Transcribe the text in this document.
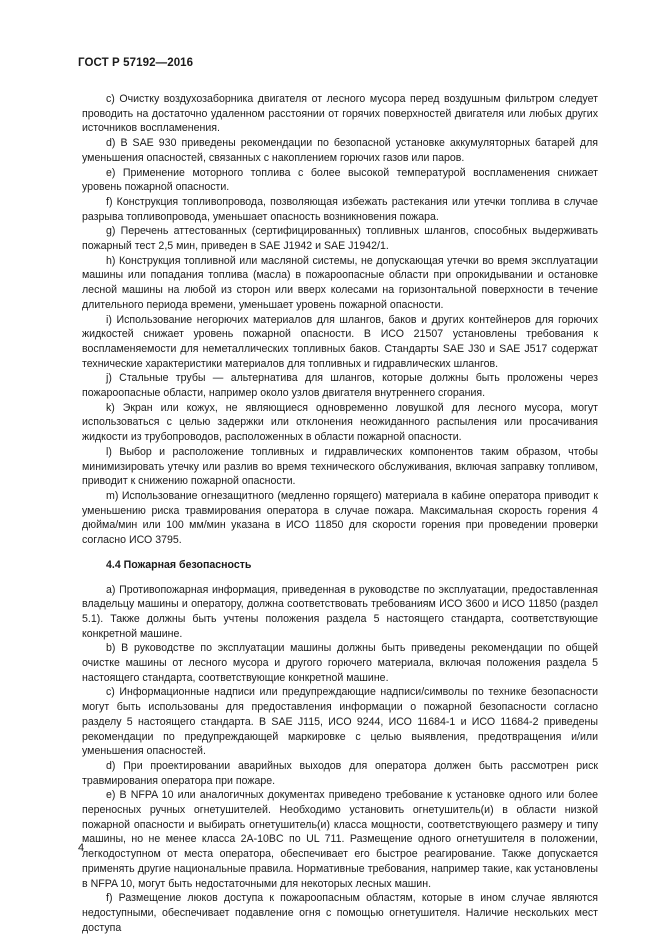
ГОСТ Р 57192—2016

c) Очистку воздухозаборника двигателя от лесного мусора перед воздушным фильтром следует проводить на достаточно удаленном расстоянии от горячих поверхностей двигателя или любых других источников воспламенения.

d) В SAE 930 приведены рекомендации по безопасной установке аккумуляторных батарей для уменьшения опасностей, связанных с накоплением горючих газов или паров.

e) Применение моторного топлива с более высокой температурой воспламенения снижает уровень пожарной опасности.

f) Конструкция топливопровода, позволяющая избежать растекания или утечки топлива в случае разрыва топливопровода, уменьшает опасность возникновения пожара.

g) Перечень аттестованных (сертифицированных) топливных шлангов, способных выдерживать пожарный тест 2,5 мин, приведен в SAE J1942 и SAE J1942/1.

h) Конструкция топливной или масляной системы, не допускающая утечки во время эксплуатации машины или попадания топлива (масла) в пожароопасные области при опрокидывании и остановке лесной машины на любой из сторон или вверх колесами на горизонтальной поверхности в течение длительного периода времени, уменьшает уровень пожарной опасности.

i) Использование негорючих материалов для шлангов, баков и других контейнеров для горючих жидкостей снижает уровень пожарной опасности. В ИСО 21507 установлены требования к воспламеняемости для неметаллических топливных баков. Стандарты SAE J30 и SAE J517 содержат технические характеристики материалов для топливных и гидравлических шлангов.

j) Стальные трубы — альтернатива для шлангов, которые должны быть проложены через пожароопасные области, например около узлов двигателя внутреннего сгорания.

k) Экран или кожух, не являющиеся одновременно ловушкой для лесного мусора, могут использоваться с целью задержки или отклонения неожиданного распыления или просачивания жидкости из трубопроводов, расположенных в области пожарной опасности.

l) Выбор и расположение топливных и гидравлических компонентов таким образом, чтобы минимизировать утечку или разлив во время технического обслуживания, включая заправку топливом, приводит к снижению пожарной опасности.

m) Использование огнезащитного (медленно горящего) материала в кабине оператора приводит к уменьшению риска травмирования оператора в случае пожара. Максимальная скорость горения 4 дюйма/мин или 100 мм/мин указана в ИСО 11850 для скорости горения при проведении проверки согласно ИСО 3795.

4.4 Пожарная безопасность

a) Противопожарная информация, приведенная в руководстве по эксплуатации, предоставленная владельцу машины и оператору, должна соответствовать требованиям ИСО 3600 и ИСО 11850 (раздел 5.1). Также должны быть учтены положения раздела 5 настоящего стандарта, соответствующие конкретной машине.

b) В руководстве по эксплуатации машины должны быть приведены рекомендации по общей очистке машины от лесного мусора и другого горючего материала, включая положения раздела 5 настоящего стандарта, соответствующие конкретной машине.

c) Информационные надписи или предупреждающие надписи/символы по технике безопасности могут быть использованы для предоставления информации о пожарной безопасности согласно разделу 5 настоящего стандарта. В SAE J115, ИСО 9244, ИСО 11684-1 и ИСО 11684-2 приведены рекомендации по предупреждающей маркировке с целью выявления, предотвращения и/или уменьшения опасностей.

d) При проектировании аварийных выходов для оператора должен быть рассмотрен риск травмирования оператора при пожаре.

e) В NFPA 10 или аналогичных документах приведено требование к установке одного или более переносных ручных огнетушителей. Необходимо установить огнетушитель(и) в области низкой пожарной опасности и выбирать огнетушитель(и) класса мощности, соответствующего размеру и типу машины, но не менее класса 2A-10BC по UL 711. Размещение одного огнетушителя в положении, легкодоступном от места оператора, обеспечивает его быстрое реагирование. Также допускается применять другие национальные правила. Нормативные требования, например такие, как установлены в NFPA 10, могут быть недостаточными для некоторых лесных машин.

f) Размещение люков доступа к пожароопасным областям, которые в ином случае являются недоступными, обеспечивает подавление огня с помощью огнетушителя. Наличие нескольких мест доступа

4
